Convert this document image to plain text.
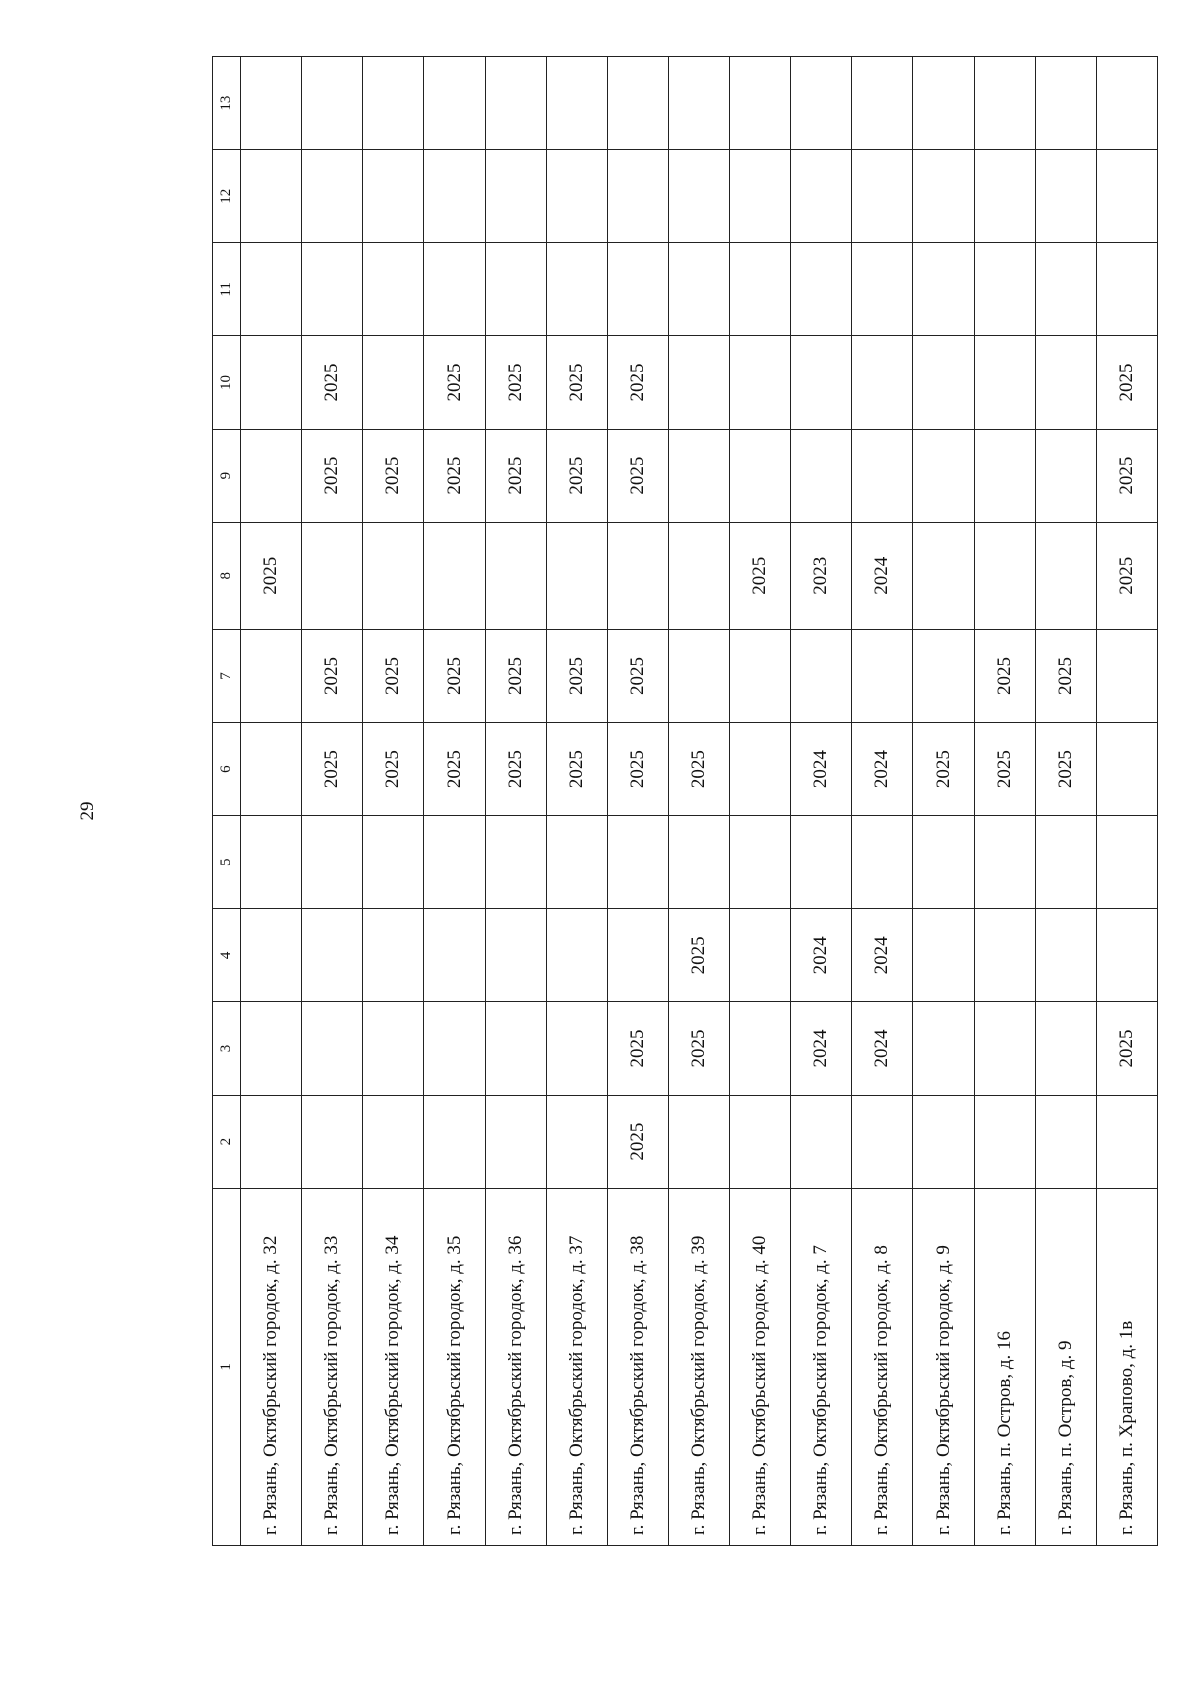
29
1	2	3	4	5	6	7	8	9	10	11	12	13
г. Рязань, Октябрьский городок, д. 32							2025					
г. Рязань, Октябрьский городок, д. 33					2025	2025		2025	2025			
г. Рязань, Октябрьский городок, д. 34					2025	2025		2025				
г. Рязань, Октябрьский городок, д. 35					2025	2025		2025	2025			
г. Рязань, Октябрьский городок, д. 36					2025	2025		2025	2025			
г. Рязань, Октябрьский городок, д. 37					2025	2025		2025	2025			
г. Рязань, Октябрьский городок, д. 38	2025	2025			2025	2025		2025	2025			
г. Рязань, Октябрьский городок, д. 39		2025	2025		2025							
г. Рязань, Октябрьский городок, д. 40							2025					
г. Рязань, Октябрьский городок, д. 7		2024	2024		2024		2023					
г. Рязань, Октябрьский городок, д. 8		2024	2024		2024		2024					
г. Рязань, Октябрьский городок, д. 9					2025							
г. Рязань, п. Остров, д. 16					2025	2025						
г. Рязань, п. Остров, д. 9					2025	2025						
г. Рязань, п. Храпово, д. 1в		2025					2025	2025	2025			
